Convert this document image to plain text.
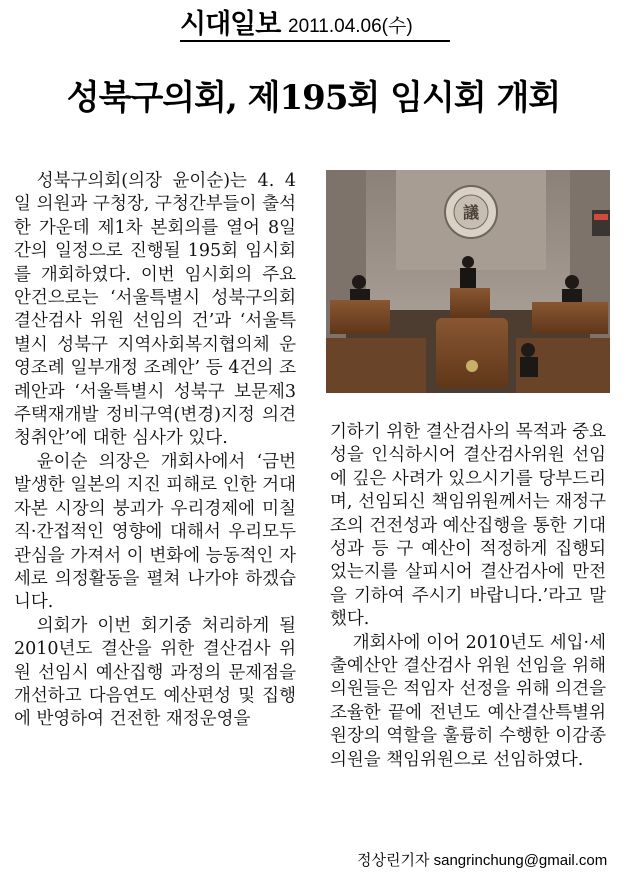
시대일보 2011.04.06(수)
성북구의회, 제195회 임시회 개회

성북구의회(의장 윤이순)는 4. 4일 의원과 구청장, 구청간부들이 출석한 가운데 제1차 본회의를 열어 8일간의 일정으로 진행될 195회 임시회를 개회하였다. 이번 임시회의 주요 안건으로는 ‘서울특별시 성북구의회 결산검사 위원 선임의 건’과 ‘서울특별시 성북구 지역사회복지협의체 운영조례 일부개정 조례안’ 등 4건의 조례안과 ‘서울특별시 성북구 보문제3 주택재개발 정비구역(변경)지정 의견청취안’에 대한 심사가 있다.

윤이순 의장은 개회사에서 ‘금번 발생한 일본의 지진 피해로 인한 거대자본 시장의 붕괴가 우리경제에 미칠 직·간접적인 영향에 대해서 우리모두 관심을 가져서 이 변화에 능동적인 자세로 의정활동을 펼쳐 나가야 하겠습니다.

의회가 이번 회기중 처리하게 될 2010년도 결산을 위한 결산검사 위원 선임시 예산집행 과정의 문제점을 개선하고 다음연도 예산편성 및 집행에 반영하여 건전한 재정운영을

議

기하기 위한 결산검사의 목적과 중요성을 인식하시어 결산검사위원 선임에 깊은 사려가 있으시기를 당부드리며, 선임되신 책임위원께서는 재정구조의 건전성과 예산집행을 통한 기대성과 등 구 예산이 적정하게 집행되었는지를 살피시어 결산검사에 만전을 기하여 주시기 바랍니다.’라고 말했다.

개회사에 이어 2010년도 세입·세출예산안 결산검사 위원 선임을 위해 의원들은 적임자 선정을 위해 의견을 조율한 끝에 전년도 예산결산특별위원장의 역할을 훌륭히 수행한 이감종의원을 책임위원으로 선임하였다.

정상린기자 sangrinchung@gmail.com
